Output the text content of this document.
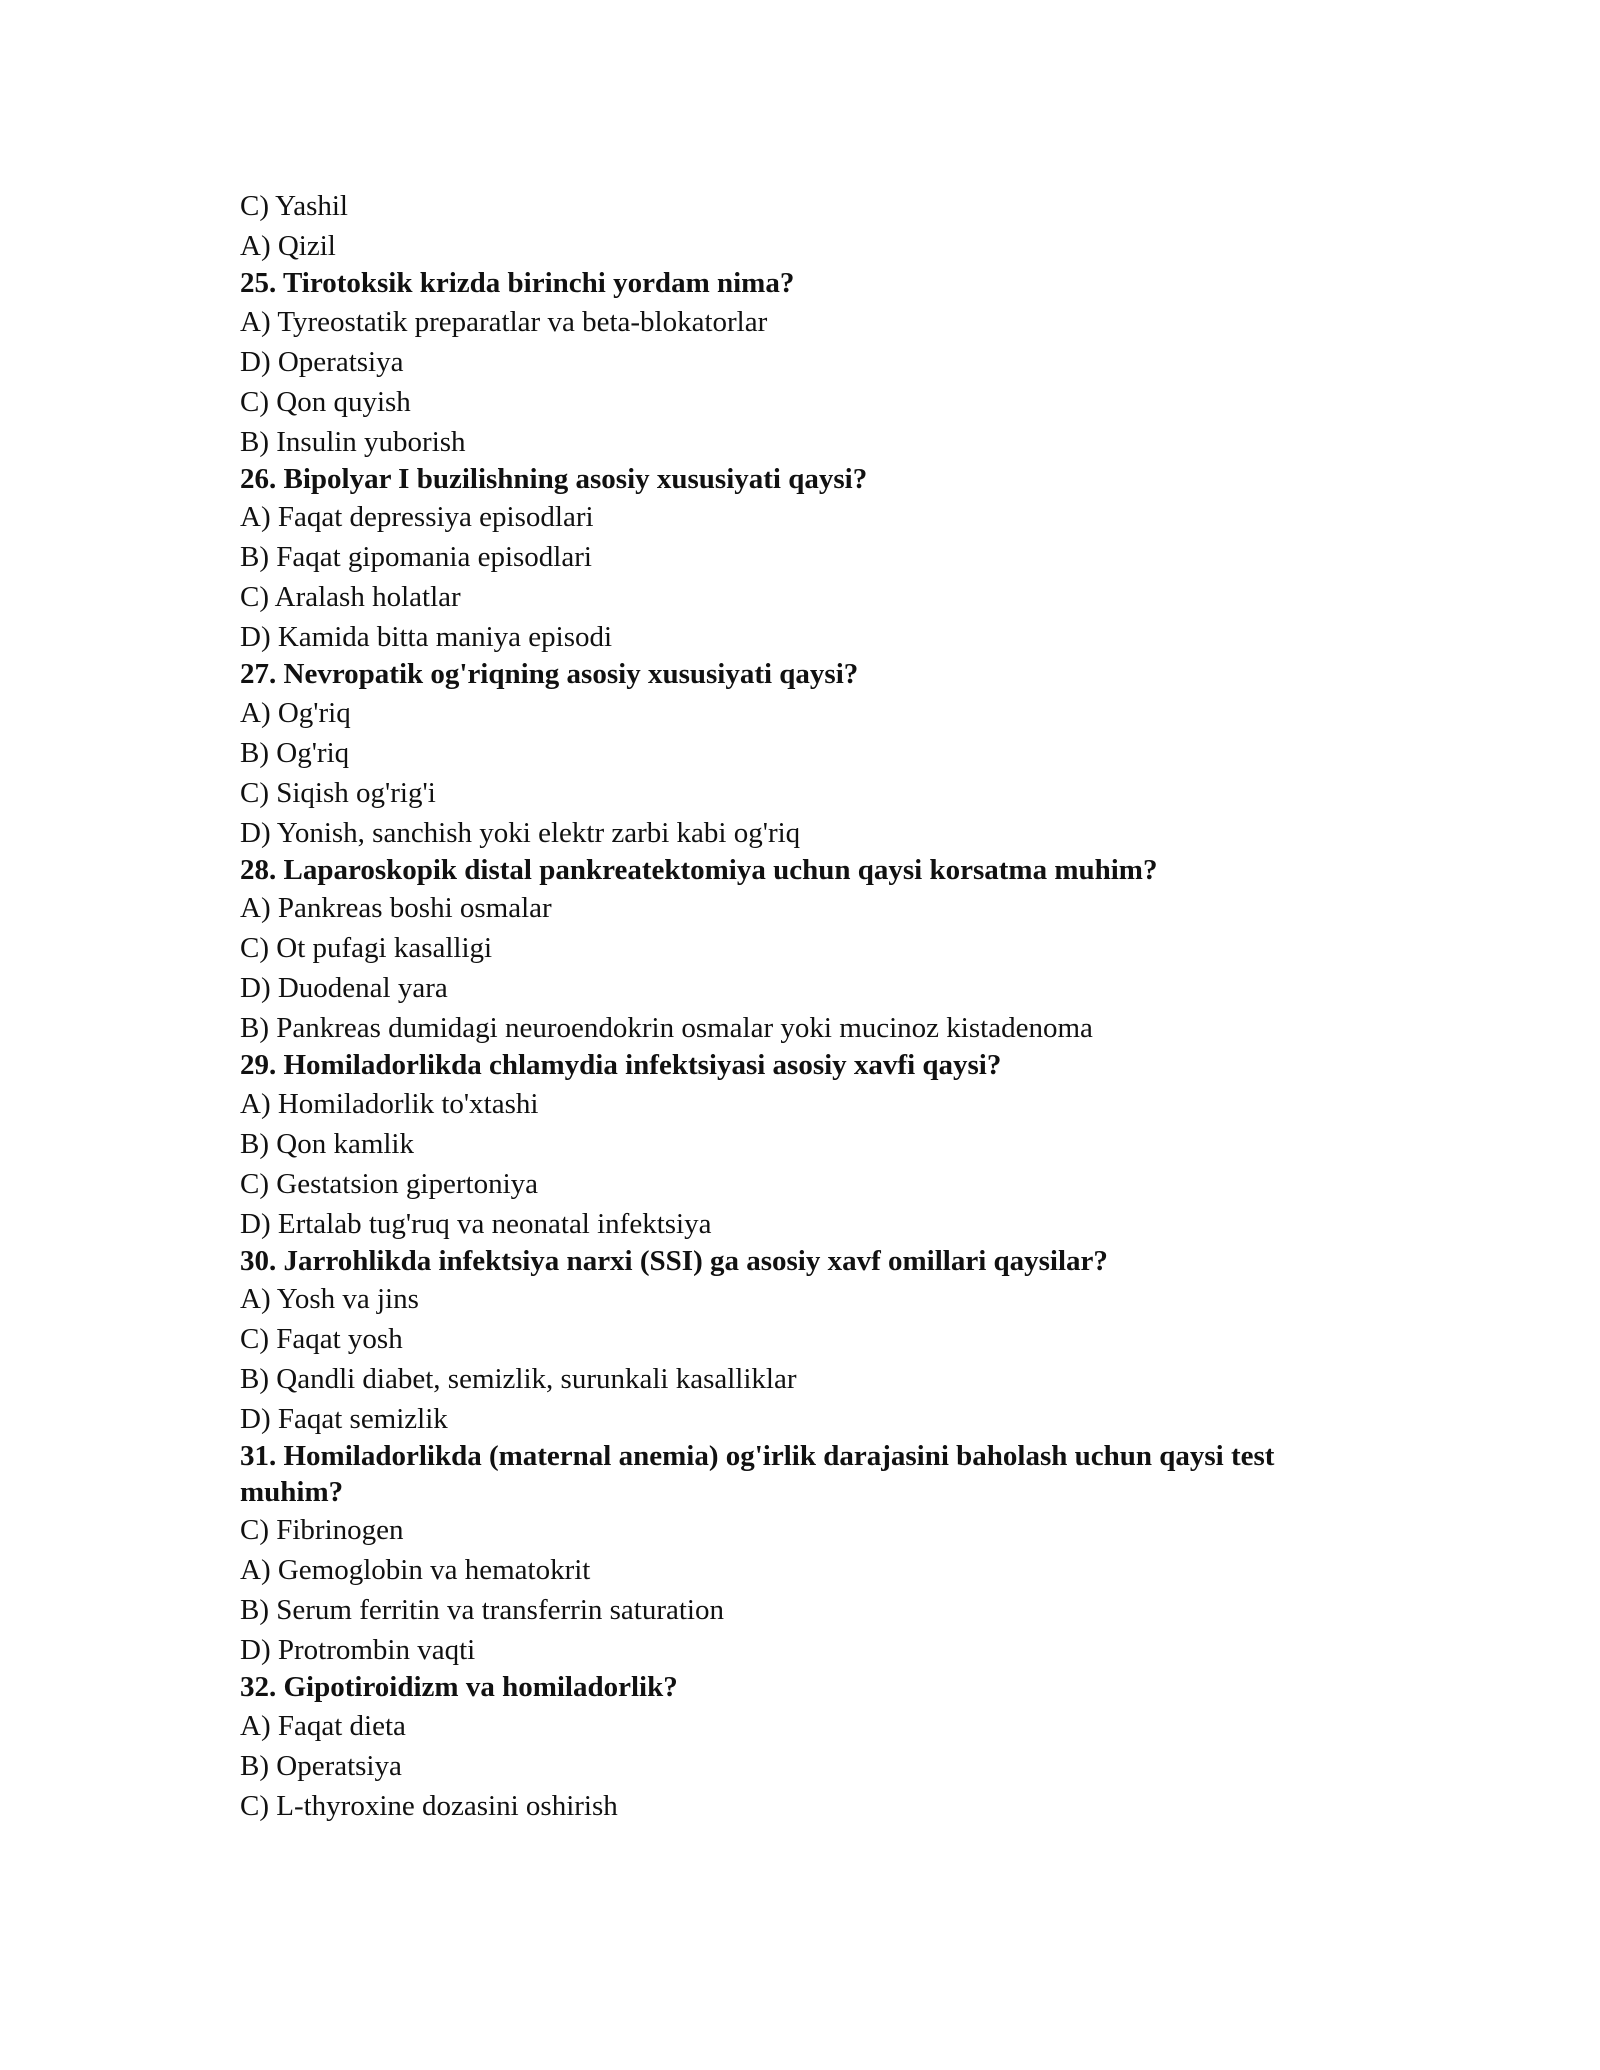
C) Yashil

A) Qizil

25. Tirotoksik krizda birinchi yordam nima?

A) Tyreostatik preparatlar va beta-blokatorlar

D) Operatsiya

C) Qon quyish

B) Insulin yuborish

26. Bipolyar I buzilishning asosiy xususiyati qaysi?

A) Faqat depressiya episodlari

B) Faqat gipomania episodlari

C) Aralash holatlar

D) Kamida bitta maniya episodi

27. Nevropatik og'riqning asosiy xususiyati qaysi?

A) Og'riq

B) Og'riq

C) Siqish og'rig'i

D) Yonish, sanchish yoki elektr zarbi kabi og'riq

28. Laparoskopik distal pankreatektomiya uchun qaysi korsatma muhim?

A) Pankreas boshi osmalar

C) Ot pufagi kasalligi

D) Duodenal yara

B) Pankreas dumidagi neuroendokrin osmalar yoki mucinoz kistadenoma

29. Homiladorlikda chlamydia infektsiyasi asosiy xavfi qaysi?

A) Homiladorlik to'xtashi

B) Qon kamlik

C) Gestatsion gipertoniya

D) Ertalab tug'ruq va neonatal infektsiya

30. Jarrohlikda infektsiya narxi (SSI) ga asosiy xavf omillari qaysilar?

A) Yosh va jins

C) Faqat yosh

B) Qandli diabet, semizlik, surunkali kasalliklar

D) Faqat semizlik

31. Homiladorlikda (maternal anemia) og'irlik darajasini baholash uchun qaysi test muhim?

C) Fibrinogen

A) Gemoglobin va hematokrit

B) Serum ferritin va transferrin saturation

D) Protrombin vaqti

32. Gipotiroidizm va homiladorlik?

A) Faqat dieta

B) Operatsiya

C) L-thyroxine dozasini oshirish
